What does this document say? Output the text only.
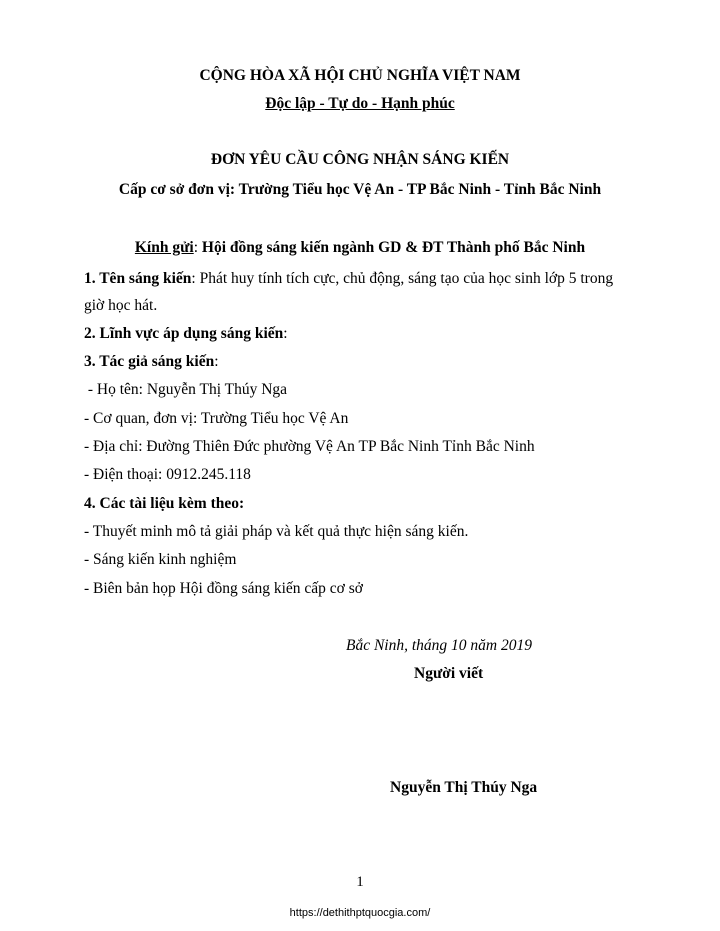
CỘNG HÒA XÃ HỘI CHỦ NGHĨA VIỆT NAM
Độc lập - Tự do - Hạnh phúc
ĐƠN YÊU CẦU CÔNG NHẬN SÁNG KIẾN
Cấp cơ sở đơn vị: Trường Tiểu học Vệ An - TP Bắc Ninh - Tỉnh Bắc Ninh
Kính gửi: Hội đồng sáng kiến ngành GD & ĐT Thành phố Bắc Ninh
1. Tên sáng kiến: Phát huy tính tích cực, chủ động, sáng tạo của học sinh lớp 5 trong
giờ học hát.
2. Lĩnh vực áp dụng sáng kiến:
3. Tác giả sáng kiến:
- Họ tên: Nguyễn Thị Thúy Nga
- Cơ quan, đơn vị: Trường Tiểu học Vệ An
- Địa chỉ: Đường Thiên Đức phường Vệ An TP Bắc Ninh Tỉnh Bắc Ninh
- Điện thoại: 0912.245.118
4. Các tài liệu kèm theo:
- Thuyết minh mô tả giải pháp và kết quả thực hiện sáng kiến.
- Sáng kiến kinh nghiệm
- Biên bản họp Hội đồng sáng kiến cấp cơ sở
Bắc Ninh, tháng 10 năm 2019
Người viết
Nguyễn Thị Thúy Nga
1
https://dethithptquocgia.com/
